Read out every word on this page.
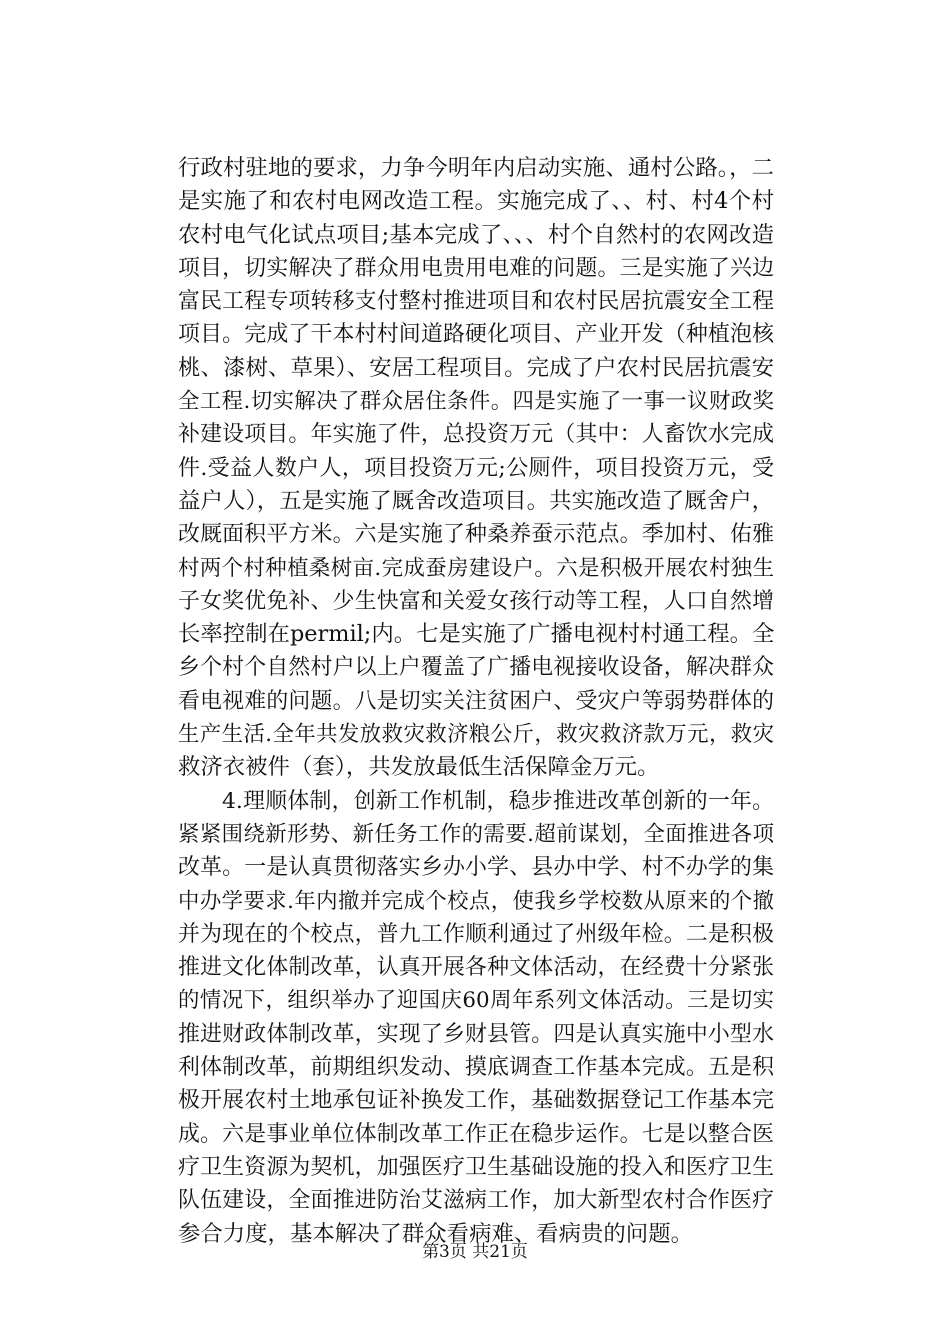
行政村驻地的要求，力争今明年内启动实施、通村公路。，二
是实施了和农村电网改造工程。实施完成了、、村、村4个村
农村电气化试点项目;基本完成了、、、村个自然村的农网改造
项目，切实解决了群众用电贵用电难的问题。三是实施了兴边
富民工程专项转移支付整村推进项目和农村民居抗震安全工程
项目。完成了干本村村间道路硬化项目、产业开发（种植泡核
桃、漆树、草果）、安居工程项目。完成了户农村民居抗震安
全工程.切实解决了群众居住条件。四是实施了一事一议财政奖
补建设项目。年实施了件，总投资万元（其中：人畜饮水完成
件.受益人数户人，项目投资万元;公厕件，项目投资万元，受
益户人），五是实施了厩舍改造项目。共实施改造了厩舍户，
改厩面积平方米。六是实施了种桑养蚕示范点。季加村、佑雅
村两个村种植桑树亩.完成蚕房建设户。六是积极开展农村独生
子女奖优免补、少生快富和关爱女孩行动等工程，人口自然增
长率控制在permil;内。七是实施了广播电视村村通工程。全
乡个村个自然村户以上户覆盖了广播电视接收设备，解决群众
看电视难的问题。八是切实关注贫困户、受灾户等弱势群体的
生产生活.全年共发放救灾救济粮公斤，救灾救济款万元，救灾
救济衣被件（套），共发放最低生活保障金万元。
4.理顺体制，创新工作机制，稳步推进改革创新的一年。
紧紧围绕新形势、新任务工作的需要.超前谋划，全面推进各项
改革。一是认真贯彻落实乡办小学、县办中学、村不办学的集
中办学要求.年内撤并完成个校点，使我乡学校数从原来的个撤
并为现在的个校点，普九工作顺利通过了州级年检。二是积极
推进文化体制改革，认真开展各种文体活动，在经费十分紧张
的情况下，组织举办了迎国庆60周年系列文体活动。三是切实
推进财政体制改革，实现了乡财县管。四是认真实施中小型水
利体制改革，前期组织发动、摸底调查工作基本完成。五是积
极开展农村土地承包证补换发工作，基础数据登记工作基本完
成。六是事业单位体制改革工作正在稳步运作。七是以整合医
疗卫生资源为契机，加强医疗卫生基础设施的投入和医疗卫生
队伍建设，全面推进防治艾滋病工作，加大新型农村合作医疗
参合力度，基本解决了群众看病难、看病贵的问题。
第3页 共21页
